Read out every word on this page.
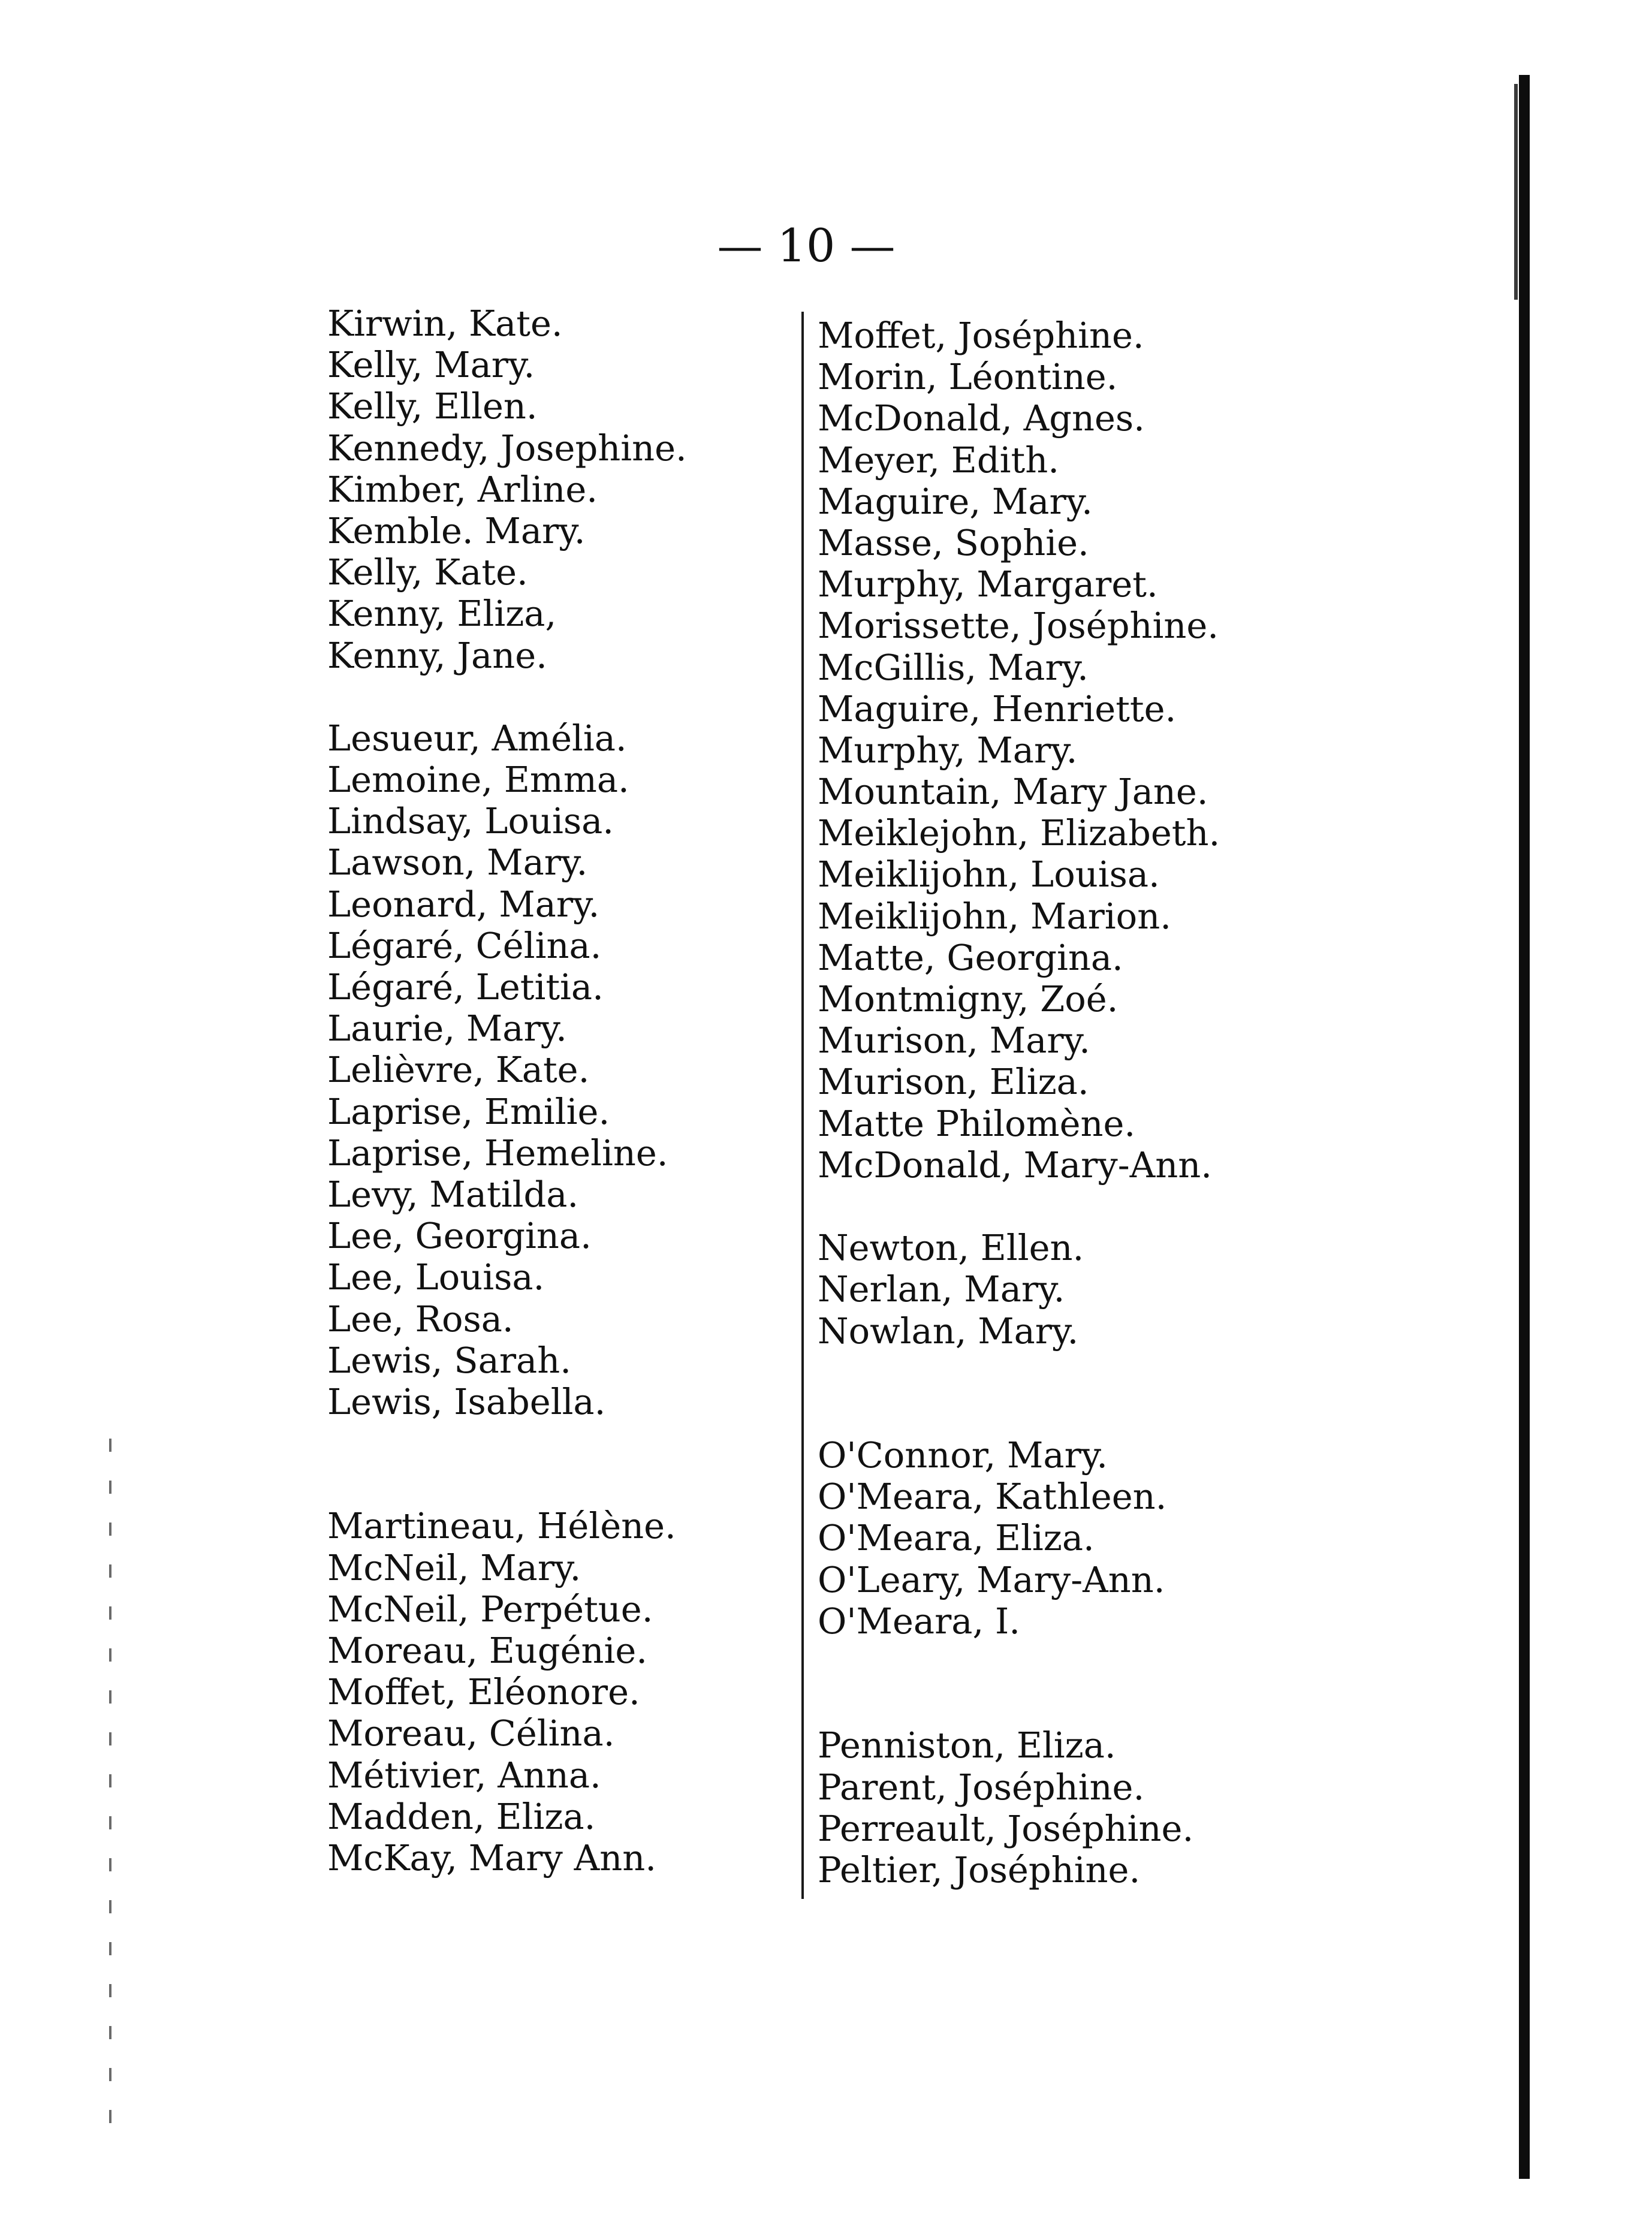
— 10 —
Kirwin, Kate.
Kelly, Mary.
Kelly, Ellen.
Kennedy, Josephine.
Kimber, Arline.
Kemble. Mary.
Kelly, Kate.
Kenny, Eliza,
Kenny, Jane.
Lesueur, Amélia.
Lemoine, Emma.
Lindsay, Louisa.
Lawson, Mary.
Leonard, Mary.
Légaré, Célina.
Légaré, Letitia.
Laurie, Mary.
Lelièvre, Kate.
Laprise, Emilie.
Laprise, Hemeline.
Levy, Matilda.
Lee, Georgina.
Lee, Louisa.
Lee, Rosa.
Lewis, Sarah.
Lewis, Isabella.
Martineau, Hélène.
McNeil, Mary.
McNeil, Perpétue.
Moreau, Eugénie.
Moffet, Eléonore.
Moreau, Célina.
Métivier, Anna.
Madden, Eliza.
McKay, Mary Ann.
Moffet, Joséphine.
Morin, Léontine.
McDonald, Agnes.
Meyer, Edith.
Maguire, Mary.
Masse, Sophie.
Murphy, Margaret.
Morissette, Joséphine.
McGillis, Mary.
Maguire, Henriette.
Murphy, Mary.
Mountain, Mary Jane.
Meiklejohn, Elizabeth.
Meiklijohn, Louisa.
Meiklijohn, Marion.
Matte, Georgina.
Montmigny, Zoé.
Murison, Mary.
Murison, Eliza.
Matte Philomène.
McDonald, Mary-Ann.
Newton, Ellen.
Nerlan, Mary.
Nowlan, Mary.
O'Connor, Mary.
O'Meara, Kathleen.
O'Meara, Eliza.
O'Leary, Mary-Ann.
O'Meara, I.
Penniston, Eliza.
Parent, Joséphine.
Perreault, Joséphine.
Peltier, Joséphine.
